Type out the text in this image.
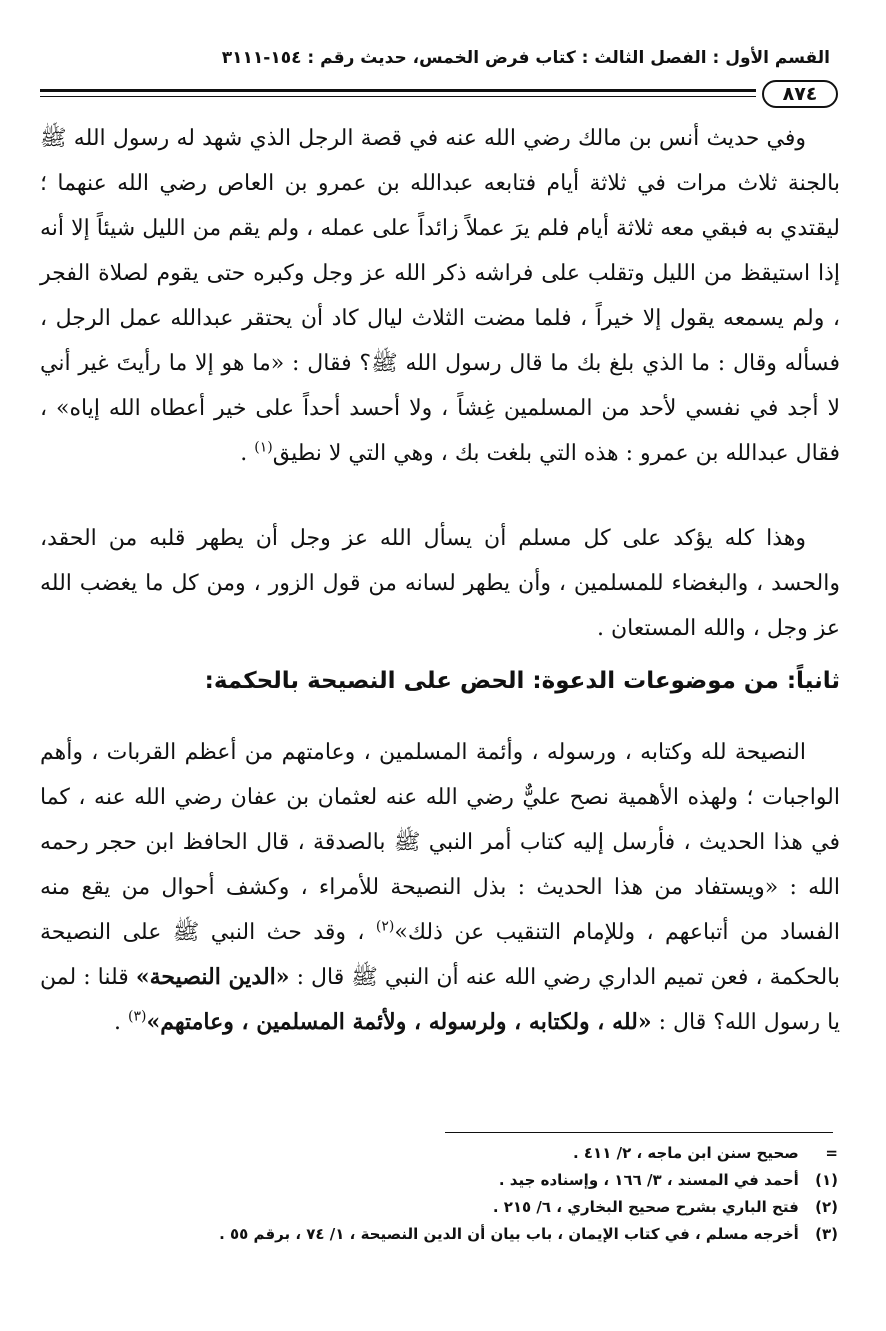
القسم الأول : الفصل الثالث : كتاب فرض الخمس، حديث رقم : ١٥٤-٣١١١
٨٧٤

وفي حديث أنس بن مالك رضي الله عنه في قصة الرجل الذي شهد له رسول الله ﷺ بالجنة ثلاث مرات في ثلاثة أيام فتابعه عبدالله بن عمرو بن العاص رضي الله عنهما ؛ ليقتدي به فبقي معه ثلاثة أيام فلم يرَ عملاً زائداً على عمله ، ولم يقم من الليل شيئاً إلا أنه إذا استيقظ من الليل وتقلب على فراشه ذكر الله عز وجل وكبره حتى يقوم لصلاة الفجر ، ولم يسمعه يقول إلا خيراً ، فلما مضت الثلاث ليال كاد أن يحتقر عبدالله عمل الرجل ، فسأله وقال : ما الذي بلغ بك ما قال رسول الله ﷺ؟ فقال : «ما هو إلا ما رأيتَ غير أني لا أجد في نفسي لأحد من المسلمين غِشاً ، ولا أحسد أحداً على خير أعطاه الله إياه» ، فقال عبدالله بن عمرو : هذه التي بلغت بك ، وهي التي لا نطيق$^{(١)}$ .

وهذا كله يؤكد على كل مسلم أن يسأل الله عز وجل أن يطهر قلبه من الحقد، والحسد ، والبغضاء للمسلمين ، وأن يطهر لسانه من قول الزور ، ومن كل ما يغضب الله عز وجل ، والله المستعان .

ثانياً: من موضوعات الدعوة: الحض على النصيحة بالحكمة:

النصيحة لله وكتابه ، ورسوله ، وأئمة المسلمين ، وعامتهم من أعظم القربات ، وأهم الواجبات ؛ ولهذه الأهمية نصح عليٌّ رضي الله عنه لعثمان بن عفان رضي الله عنه ، كما في هذا الحديث ، فأرسل إليه كتاب أمر النبي ﷺ بالصدقة ، قال الحافظ ابن حجر رحمه الله : «ويستفاد من هذا الحديث : بذل النصيحة للأمراء ، وكشف أحوال من يقع منه الفساد من أتباعهم ، وللإمام التنقيب عن ذلك»$^{(٢)}$ ، وقد حث النبي ﷺ على النصيحة بالحكمة ، فعن تميم الداري رضي الله عنه أن النبي ﷺ قال : «الدين النصيحة» قلنا : لمن يا رسول الله؟ قال : «لله ، ولكتابه ، ولرسوله ، ولأئمة المسلمين ، وعامتهم»$^{(٣)}$ .

= صحيح سنن ابن ماجه ، ٢/ ٤١١ .
(١) أحمد في المسند ، ٣/ ١٦٦ ، وإسناده جيد .
(٢) فتح الباري بشرح صحيح البخاري ، ٦/ ٢١٥ .
(٣) أخرجه مسلم ، في كتاب الإيمان ، باب بيان أن الدين النصيحة ، ١/ ٧٤ ، برقم ٥٥ .
